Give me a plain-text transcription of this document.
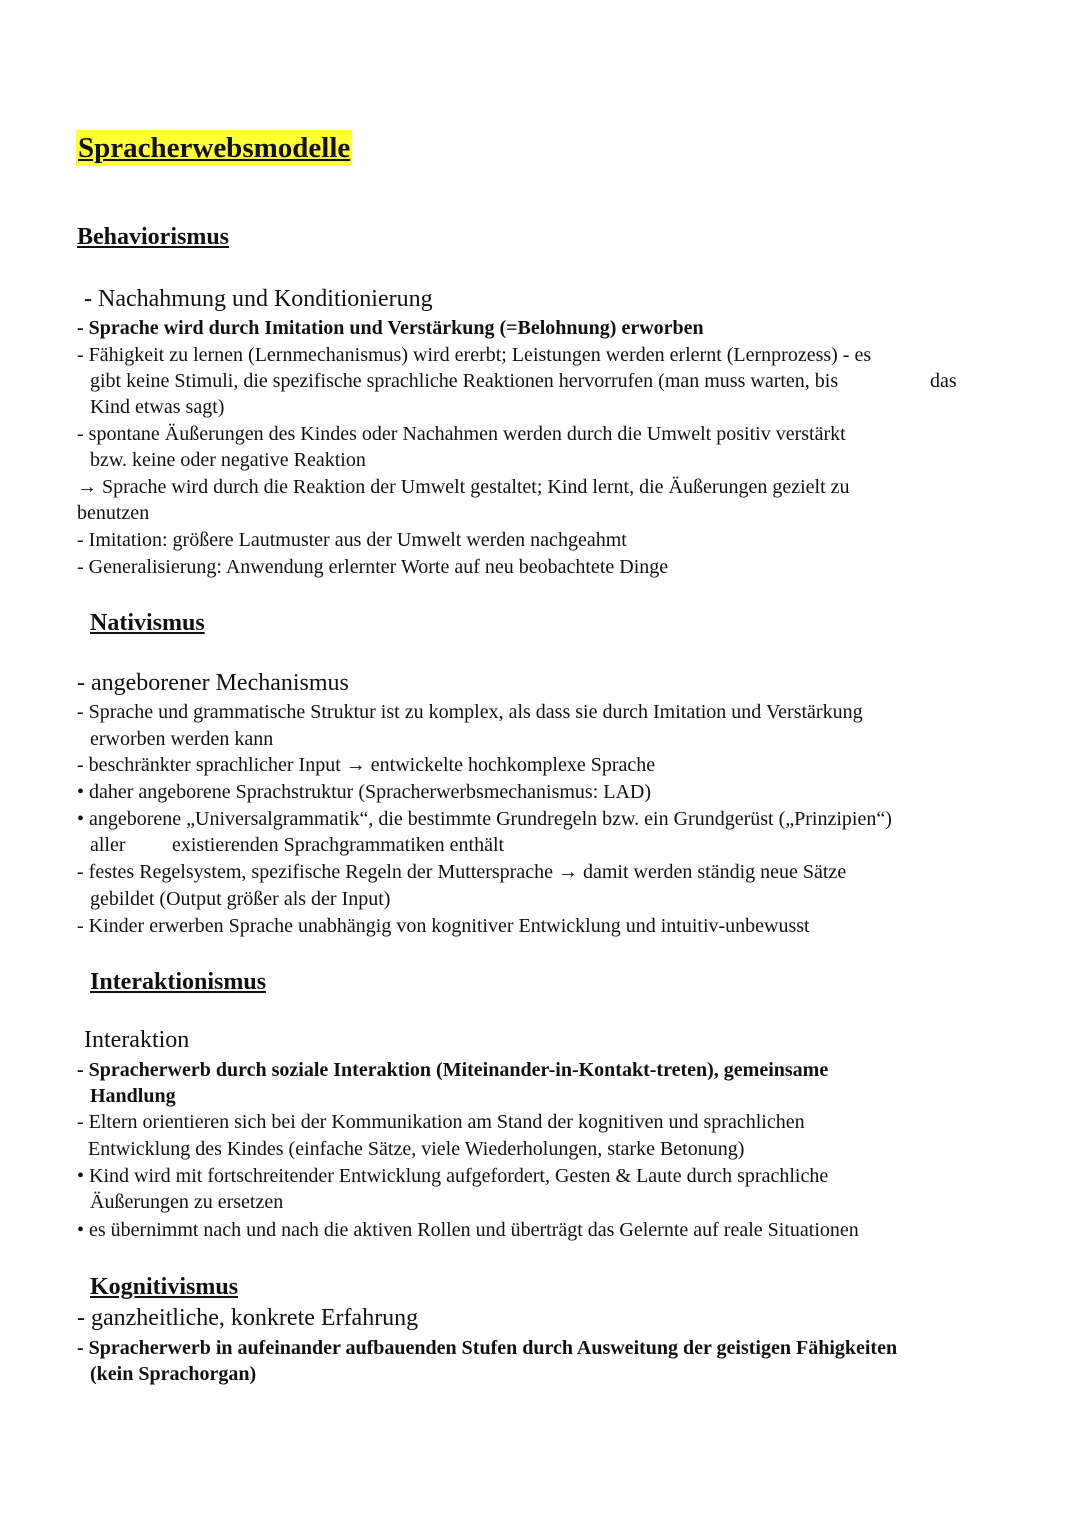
Spracherwebsmodelle
Behaviorismus
- Nachahmung und Konditionierung
- Sprache wird durch Imitation und Verstärkung (=Belohnung) erworben
- Fähigkeit zu lernen (Lernmechanismus) wird ererbt; Leistungen werden erlernt (Lernprozess) - es
gibt keine Stimuli, die spezifische sprachliche Reaktionen hervorrufen (man muss warten, bis	das
Kind etwas sagt)
- spontane Äußerungen des Kindes oder Nachahmen werden durch die Umwelt positiv verstärkt
bzw. keine oder negative Reaktion
→ Sprache wird durch die Reaktion der Umwelt gestaltet; Kind lernt, die Äußerungen gezielt zu
benutzen
- Imitation: größere Lautmuster aus der Umwelt werden nachgeahmt
- Generalisierung: Anwendung erlernter Worte auf neu beobachtete Dinge
Nativismus
- angeborener Mechanismus
- Sprache und grammatische Struktur ist zu komplex, als dass sie durch Imitation und Verstärkung
erworben werden kann
- beschränkter sprachlicher Input → entwickelte hochkomplexe Sprache
• daher angeborene Sprachstruktur (Spracherwerbsmechanismus: LAD)
• angeborene „Universalgrammatik“, die bestimmte Grundregeln bzw. ein Grundgerüst („Prinzipien“)
aller existierenden Sprachgrammatiken enthält
- festes Regelsystem, spezifische Regeln der Muttersprache → damit werden ständig neue Sätze
gebildet (Output größer als der Input)
- Kinder erwerben Sprache unabhängig von kognitiver Entwicklung und intuitiv-unbewusst
Interaktionismus
Interaktion
- Spracherwerb durch soziale Interaktion (Miteinander-in-Kontakt-treten), gemeinsame
Handlung
- Eltern orientieren sich bei der Kommunikation am Stand der kognitiven und sprachlichen
Entwicklung des Kindes (einfache Sätze, viele Wiederholungen, starke Betonung)
• Kind wird mit fortschreitender Entwicklung aufgefordert, Gesten & Laute durch sprachliche
Äußerungen zu ersetzen
• es übernimmt nach und nach die aktiven Rollen und überträgt das Gelernte auf reale Situationen
Kognitivismus
- ganzheitliche, konkrete Erfahrung
- Spracherwerb in aufeinander aufbauenden Stufen durch Ausweitung der geistigen Fähigkeiten
(kein Sprachorgan)
